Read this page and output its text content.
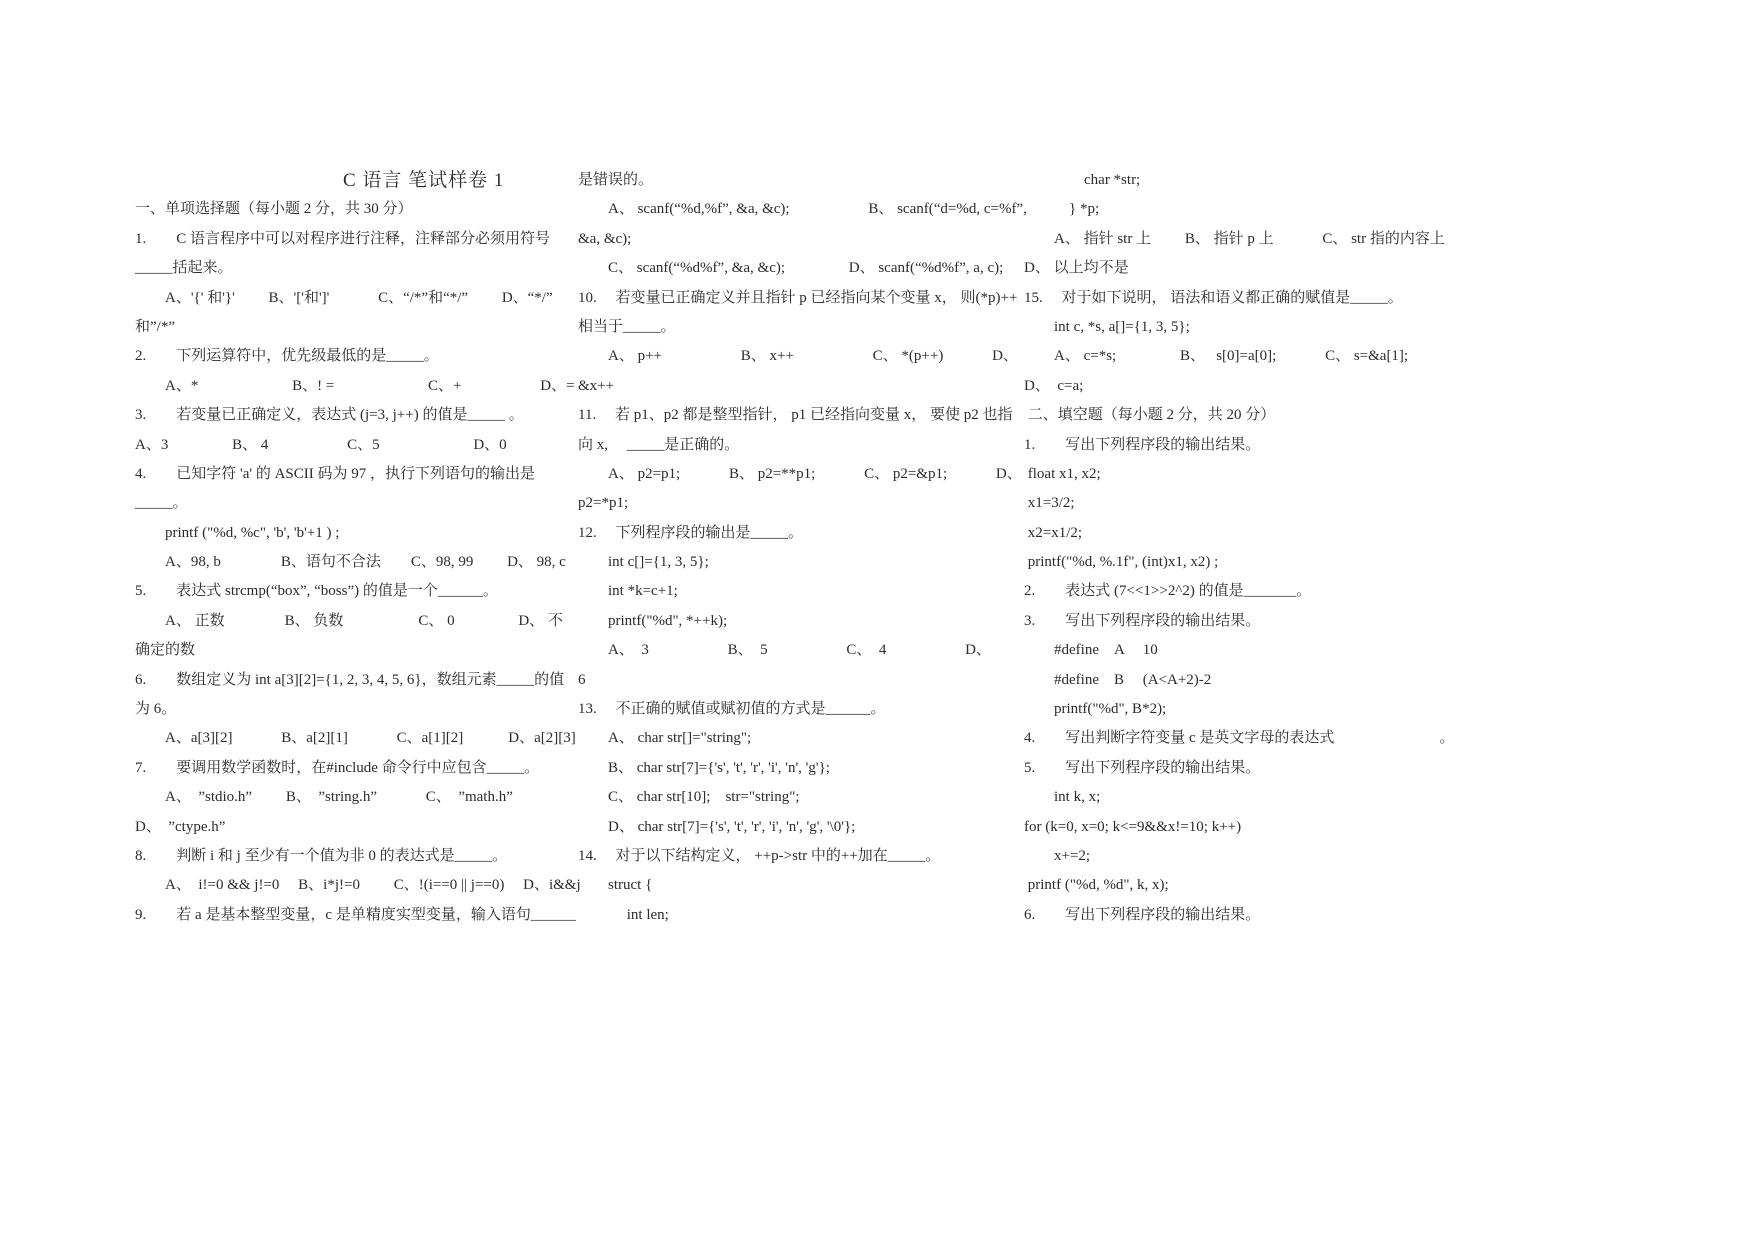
C 语言 笔试样卷 1
一、单项选择题（每小题 2 分，共 30 分）
1.　　C 语言程序中可以对程序进行注释，注释部分必须用符号
_____括起来。
　　A、'{' 和'}'　　 B、'['和']'　　　 C、“/*”和“*/”　　 D、“*/”
和”/*”
2.　　下列运算符中，优先级最低的是_____。
　　A、*　　　　　　 B、! =　　　　　　 C、+　　　　　 D、=
3.　　若变量已正确定义，表达式 (j=3, j++) 的值是_____ 。
A、3　　　　 B、 4　　　　　 C、5　　　　　　 D、0
4.　　已知字符 'a' 的 ASCII 码为 97 ，执行下列语句的输出是
_____。
　　printf ("%d, %c", 'b', 'b'+1 ) ;
　　A、98, b　　　　B、语句不合法　　C、98, 99　　 D、 98, c
5.　　表达式 strcmp(“box”, “boss”) 的值是一个______。
　　A、 正数　　　　B、 负数　　　　　C、 0　　　　 D、 不
确定的数
6.　　数组定义为 int a[3][2]={1, 2, 3, 4, 5, 6}，数组元素_____的值
为 6。
　　A、a[3][2]　　　 B、a[2][1]　　　 C、a[1][2]　　　D、a[2][3]
7.　　要调用数学函数时，在#include 命令行中应包含_____。
　　A、　”stdio.h”　　 B、　”string.h”　　　 C、　”math.h”
D、　”ctype.h”
8.　　判断 i 和 j 至少有一个值为非 0 的表达式是_____。
　　A、　i!=0 && j!=0　 B、i*j!=0　　 C、!(i==0 || j==0)　 D、i&&j
9.　　若 a 是基本整型变量，c 是单精度实型变量，输入语句______
是错误的。
　　A、 scanf(“%d,%f”, &a, &c);　　　　　 B、 scanf(“d=%d, c=%f”,
&a, &c);
　　C、 scanf(“%d%f”, &a, &c);　　　　 D、 scanf(“%d%f”, a, c);
10.　 若变量已正确定义并且指针 p 已经指向某个变量 x， 则(*p)++
相当于_____。
　　A、 p++　　　　　 B、 x++　　　　　 C、 *(p++)　　　 D、
&x++
11.　 若 p1、p2 都是整型指针， p1 已经指向变量 x， 要使 p2 也指
向 x,　 _____是正确的。
　　A、 p2=p1;　　　 B、 p2=**p1;　　　 C、 p2=&p1;　　　 D、
p2=*p1;
12.　 下列程序段的输出是_____。
　　int c[]={1, 3, 5};
　　int *k=c+1;
　　printf("%d", *++k);
　　A、　3　　　　　 B、　5　　　　　 C、　4　　　　　 D、
6
13.　 不正确的赋值或赋初值的方式是______。
　　A、 char str[]="string";
　　B、 char str[7]={'s', 't', 'r', 'i', 'n', 'g'};
　　C、 char str[10];　str="string";
　　D、 char str[7]={'s', 't', 'r', 'i', 'n', 'g', '\0'};
14.　 对于以下结构定义， ++p->str 中的++加在_____。
　　struct {
　　　 int len;
　　　　char *str;
　　　} *p;
　　A、 指针 str 上　　 B、 指针 p 上　　　 C、 str 指的内容上
D、 以上均不是
15.　 对于如下说明， 语法和语义都正确的赋值是_____。
　　int c, *s, a[]={1, 3, 5};
　　A、 c=*s;　　　　 B、　 s[0]=a[0];　　　 C、 s=&a[1];
D、　c=a;
二、填空题（每小题 2 分，共 20 分）
1.　　写出下列程序段的输出结果。
float x1, x2;
x1=3/2;
x2=x1/2;
printf("%d, %.1f", (int)x1, x2) ;
2.　　表达式 (7<<1>>2^2) 的值是_______。
3.　　写出下列程序段的输出结果。
　　#define　A　 10
　　#define　B　 (A<A+2)-2
　　printf("%d", B*2);
4.　　写出判断字符变量 c 是英文字母的表达式　　　　　　　。
5.　　写出下列程序段的输出结果。
　　int k, x;
for (k=0, x=0; k<=9&&x!=10; k++)
　　x+=2;
printf ("%d, %d", k, x);
6.　　写出下列程序段的输出结果。
